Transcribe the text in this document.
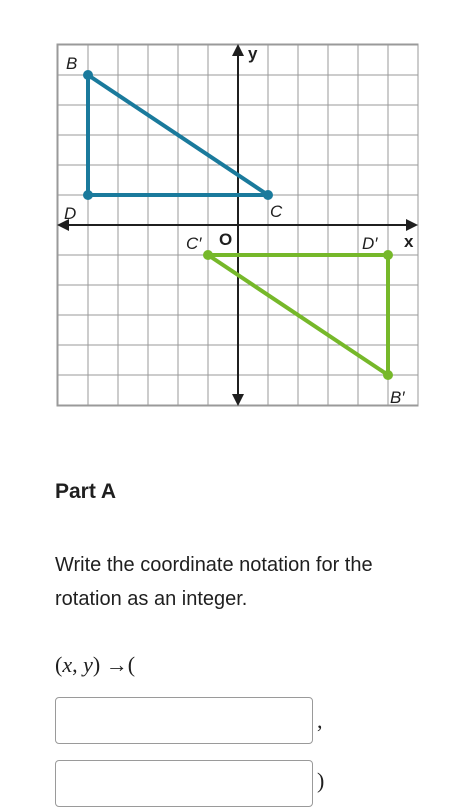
y
x
O
B
C
D
B′
C′	D′
Part A

Write the coordinate notation for the rotation as an integer.

(x, y) →(
,
)
